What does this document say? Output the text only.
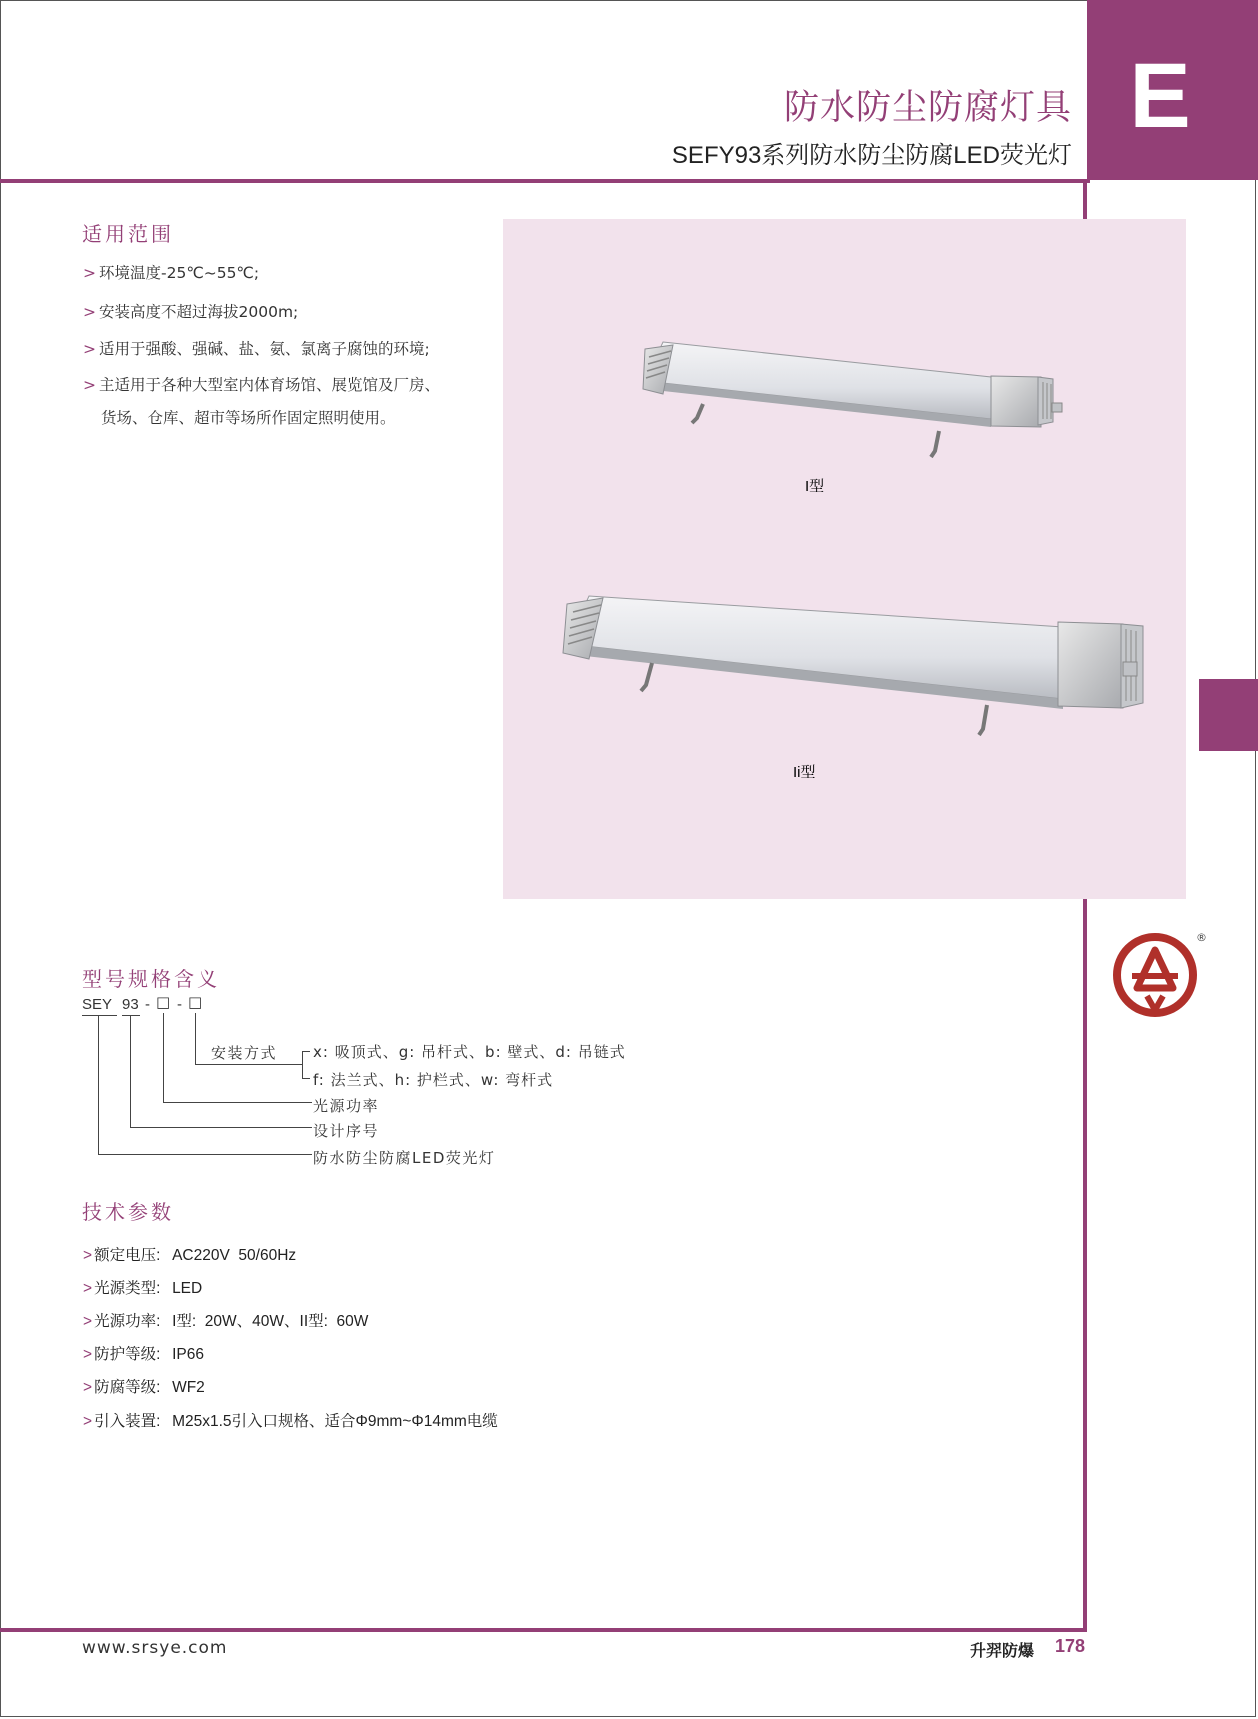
E
防水防尘防腐灯具
SEFY93系列防水防尘防腐LED荧光灯
适用范围
> 环境温度-25℃~55℃;
> 安装高度不超过海拔2000m;
> 适用于强酸、强碱、盐、氨、氯离子腐蚀的环境;
> 主适用于各种大型室内体育场馆、展览馆及厂房、
货场、仓库、超市等场所作固定照明使用。
I型
Ii型
®
型号规格含义
SEY 93 - □ - □
安装方式 x: 吸顶式、g: 吊杆式、b: 壁式、d: 吊链式
f: 法兰式、h: 护栏式、w: 弯杆式
光源功率
设计序号
防水防尘防腐LED荧光灯
技术参数
> 额定电压: AC220V  50/60Hz
> 光源类型: LED
> 光源功率: I型:  20W、40W、II型:  60W
> 防护等级: IP66
> 防腐等级: WF2
> 引入装置: M25x1.5引入口规格、适合Φ9mm~Φ14mm电缆
www.srsye.com	升羿防爆 178
